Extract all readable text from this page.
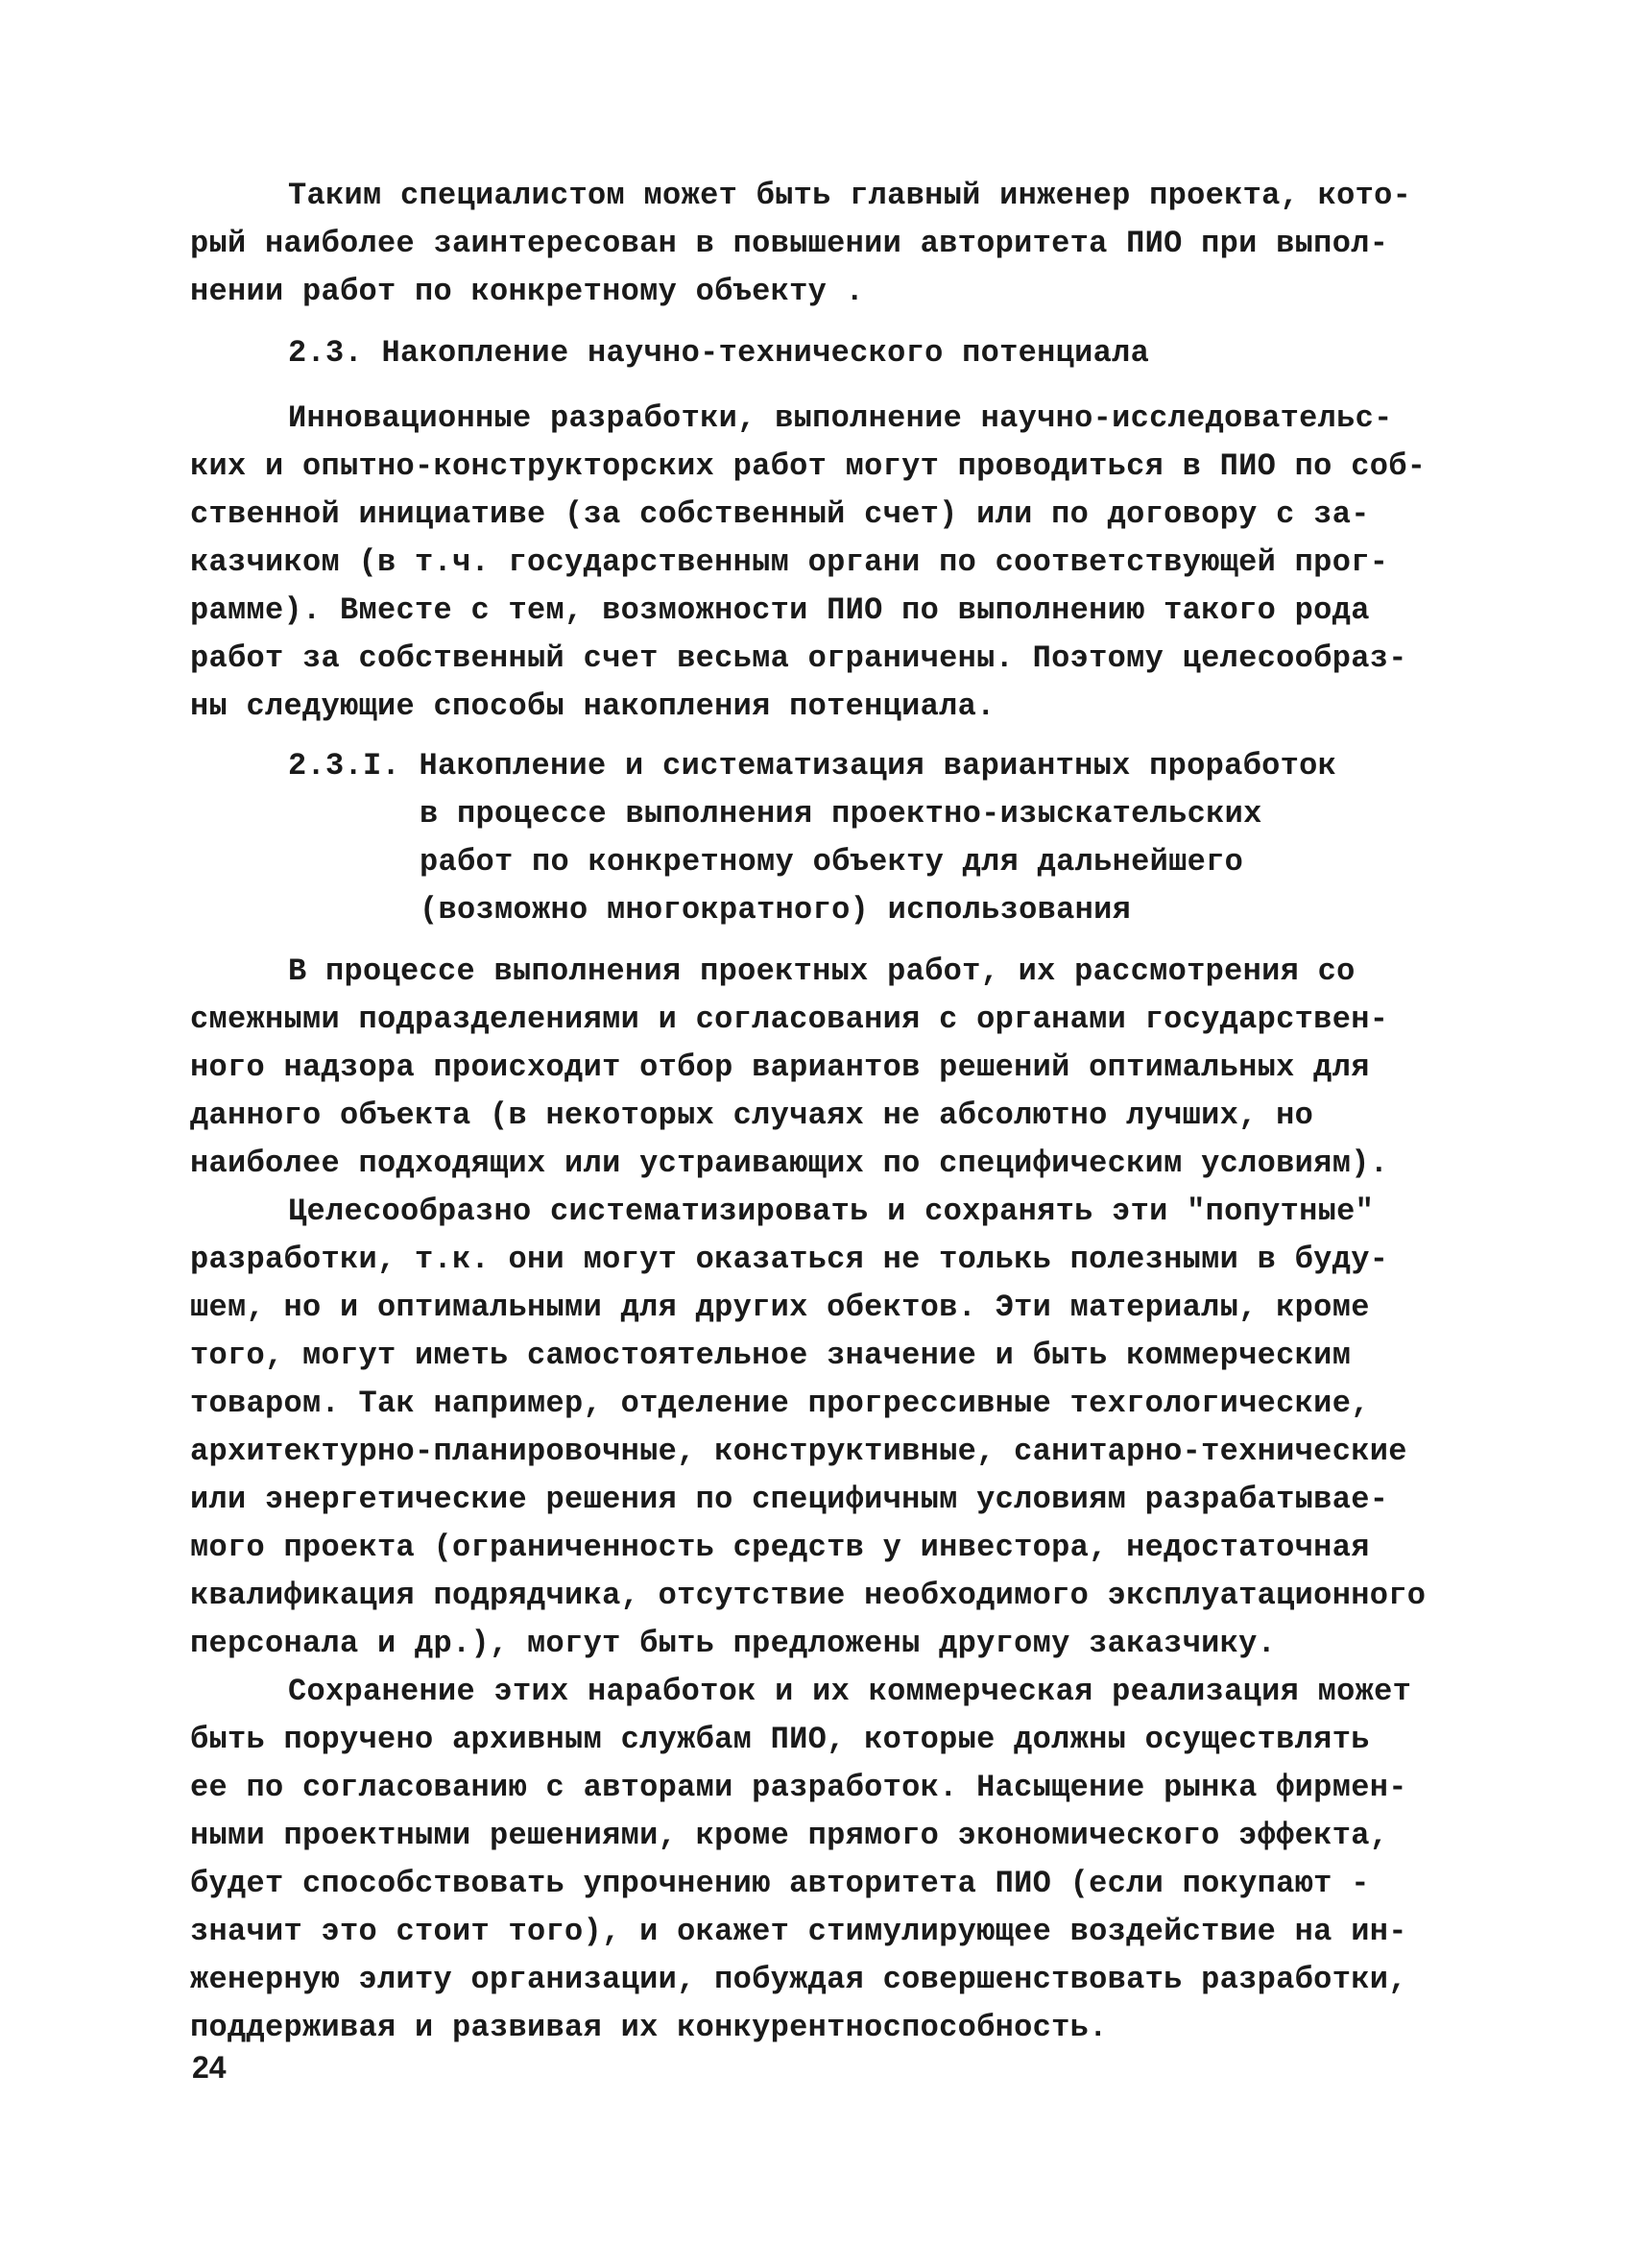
Таким специалистом может быть главный инженер проекта, кото-
рый наиболее заинтересован в повышении авторитета ПИО при выпол-
нении работ по конкретному объекту .
2.3. Накопление научно-технического потенциала
Инновационные разработки, выполнение научно-исследовательс-
ких и опытно-конструкторских работ могут проводиться в ПИО по соб-
ственной инициативе (за собственный счет) или по договору с за-
казчиком (в т.ч. государственным органи по соответствующей прог-
рамме). Вместе с тем, возможности ПИО по выполнению такого рода
работ за собственный счет весьма ограничены. Поэтому целесообраз-
ны следующие способы накопления потенциала.
2.3.I. Накопление и систематизация вариантных проработок
в процессе выполнения проектно-изыскательских
работ по конкретному объекту для дальнейшего
(возможно многократного) использования
В процессе выполнения проектных работ, их рассмотрения со
смежными подразделениями и согласования с органами государствен-
ного надзора происходит отбор вариантов решений оптимальных для
данного объекта (в некоторых случаях не абсолютно лучших, но
наиболее подходящих или устраивающих по специфическим условиям).
Целесообразно систематизировать и сохранять эти "попутные"
разработки, т.к. они могут оказаться не толькь полезными в буду-
шем, но и оптимальными для других обектов. Эти материалы, кроме
того, могут иметь самостоятельное значение и быть коммерческим
товаром. Так например, отделение прогрессивные техгологические,
архитектурно-планировочные, конструктивные, санитарно-технические
или энергетические решения по специфичным условиям разрабатывае-
мого проекта (ограниченность средств у инвестора, недостаточная
квалификация подрядчика, отсутствие необходимого эксплуатационного
персонала и др.), могут быть предложены другому заказчику.
Сохранение этих наработок и их коммерческая реализация может
быть поручено архивным службам ПИО, которые должны осуществлять
ее по согласованию с авторами разработок. Насыщение рынка фирмен-
ными проектными решениями, кроме прямого экономического эффекта,
будет способствовать упрочнению авторитета ПИО (если покупают -
значит это стоит того), и окажет стимулирующее воздействие на ин-
женерную элиту организации, побуждая совершенствовать разработки,
поддерживая и развивая их конкурентноспособность.
24
